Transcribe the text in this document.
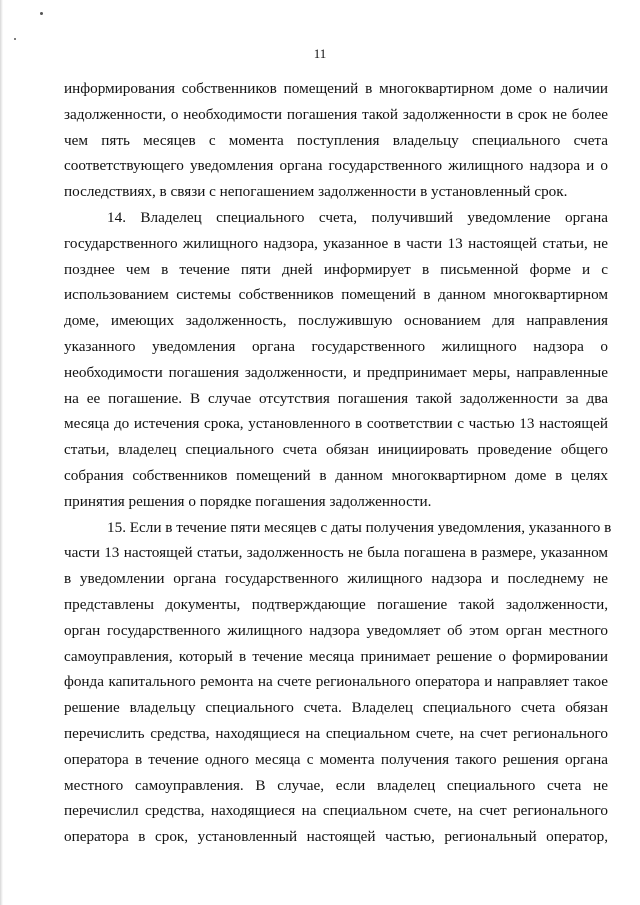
11
информирования собственников помещений в многоквартирном доме о наличии
задолженности, о необходимости погашения такой задолженности в срок не более
чем пять месяцев с момента поступления владельцу специального счета
соответствующего уведомления органа государственного жилищного надзора и о
последствиях, в связи с непогашением задолженности в установленный срок.
14. Владелец специального счета, получивший уведомление органа
государственного жилищного надзора, указанное в части 13 настоящей статьи, не
позднее чем в течение пяти дней информирует в письменной форме и с
использованием системы собственников помещений в данном многоквартирном
доме, имеющих задолженность, послужившую основанием для направления
указанного уведомления органа государственного жилищного надзора о
необходимости погашения задолженности, и предпринимает меры, направленные
на ее погашение. В случае отсутствия погашения такой задолженности за два
месяца до истечения срока, установленного в соответствии с частью 13 настоящей
статьи, владелец специального счета обязан инициировать проведение общего
собрания собственников помещений в данном многоквартирном доме в целях
принятия решения о порядке погашения задолженности.
15. Если в течение пяти месяцев с даты получения уведомления, указанного в
части 13 настоящей статьи, задолженность не была погашена в размере, указанном
в уведомлении органа государственного жилищного надзора и последнему не
представлены документы, подтверждающие погашение такой задолженности,
орган государственного жилищного надзора уведомляет об этом орган местного
самоуправления, который в течение месяца принимает решение о формировании
фонда капитального ремонта на счете регионального оператора и направляет такое
решение владельцу специального счета. Владелец специального счета обязан
перечислить средства, находящиеся на специальном счете, на счет регионального
оператора в течение одного месяца с момента получения такого решения органа
местного самоуправления. В случае, если владелец специального счета не
перечислил средства, находящиеся на специальном счете, на счет регионального
оператора в срок, установленный настоящей частью, региональный оператор,
